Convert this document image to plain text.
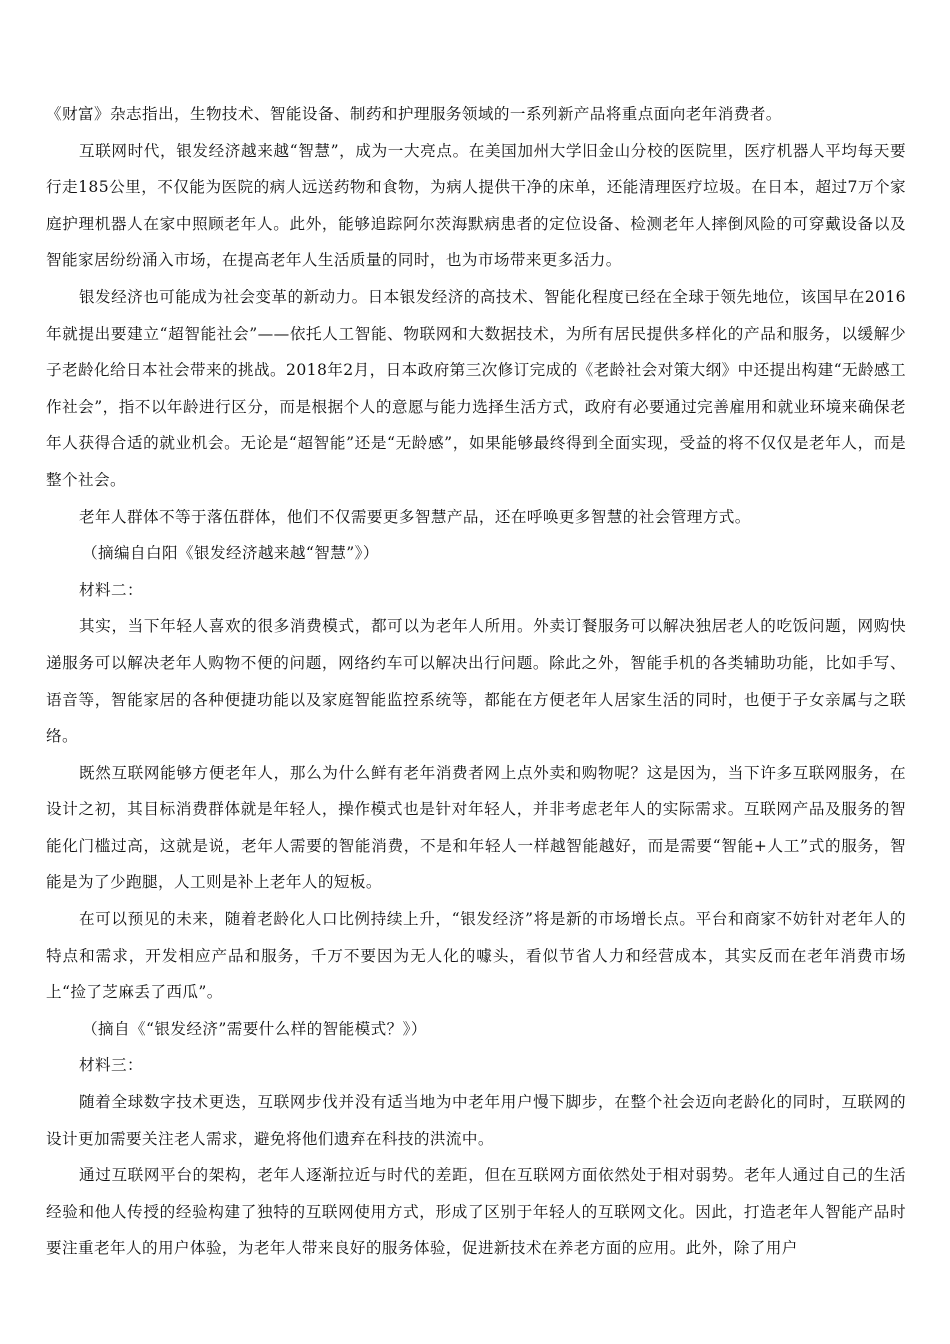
《财富》杂志指出，生物技术、智能设备、制药和护理服务领域的一系列新产品将重点面向老年消费者。

互联网时代，银发经济越来越“智慧”，成为一大亮点。在美国加州大学旧金山分校的医院里，医疗机器人平均每天要行走185公里，不仅能为医院的病人远送药物和食物，为病人提供干净的床单，还能清理医疗垃圾。在日本，超过7万个家庭护理机器人在家中照顾老年人。此外，能够追踪阿尔茨海默病患者的定位设备、检测老年人摔倒风险的可穿戴设备以及智能家居纷纷涌入市场，在提高老年人生活质量的同时，也为市场带来更多活力。

银发经济也可能成为社会变革的新动力。日本银发经济的高技术、智能化程度已经在全球于领先地位，该国早在2016年就提出要建立“超智能社会”——依托人工智能、物联网和大数据技术，为所有居民提供多样化的产品和服务，以缓解少子老龄化给日本社会带来的挑战。2018年2月，日本政府第三次修订完成的《老龄社会对策大纲》中还提出构建“无龄感工作社会”，指不以年龄进行区分，而是根据个人的意愿与能力选择生活方式，政府有必要通过完善雇用和就业环境来确保老年人获得合适的就业机会。无论是“超智能”还是“无龄感”，如果能够最终得到全面实现，受益的将不仅仅是老年人，而是整个社会。

老年人群体不等于落伍群体，他们不仅需要更多智慧产品，还在呼唤更多智慧的社会管理方式。

（摘编自白阳《银发经济越来越“智慧”》）

材料二：

其实，当下年轻人喜欢的很多消费模式，都可以为老年人所用。外卖订餐服务可以解决独居老人的吃饭问题，网购快递服务可以解决老年人购物不便的问题，网络约车可以解决出行问题。除此之外，智能手机的各类辅助功能，比如手写、语音等，智能家居的各种便捷功能以及家庭智能监控系统等，都能在方便老年人居家生活的同时，也便于子女亲属与之联络。

既然互联网能够方便老年人，那么为什么鲜有老年消费者网上点外卖和购物呢？这是因为，当下许多互联网服务，在设计之初，其目标消费群体就是年轻人，操作模式也是针对年轻人，并非考虑老年人的实际需求。互联网产品及服务的智能化门槛过高，这就是说，老年人需要的智能消费，不是和年轻人一样越智能越好，而是需要“智能+人工”式的服务，智能是为了少跑腿，人工则是补上老年人的短板。

在可以预见的未来，随着老龄化人口比例持续上升，“银发经济”将是新的市场增长点。平台和商家不妨针对老年人的特点和需求，开发相应产品和服务，千万不要因为无人化的噱头，看似节省人力和经营成本，其实反而在老年消费市场上“捡了芝麻丢了西瓜”。

（摘自《“银发经济”需要什么样的智能模式？》）

材料三：

随着全球数字技术更迭，互联网步伐并没有适当地为中老年用户慢下脚步，在整个社会迈向老龄化的同时，互联网的设计更加需要关注老人需求，避免将他们遗弃在科技的洪流中。

通过互联网平台的架构，老年人逐渐拉近与时代的差距，但在互联网方面依然处于相对弱势。老年人通过自己的生活经验和他人传授的经验构建了独特的互联网使用方式，形成了区别于年轻人的互联网文化。因此，打造老年人智能产品时要注重老年人的用户体验，为老年人带来良好的服务体验，促进新技术在养老方面的应用。此外，除了用户
